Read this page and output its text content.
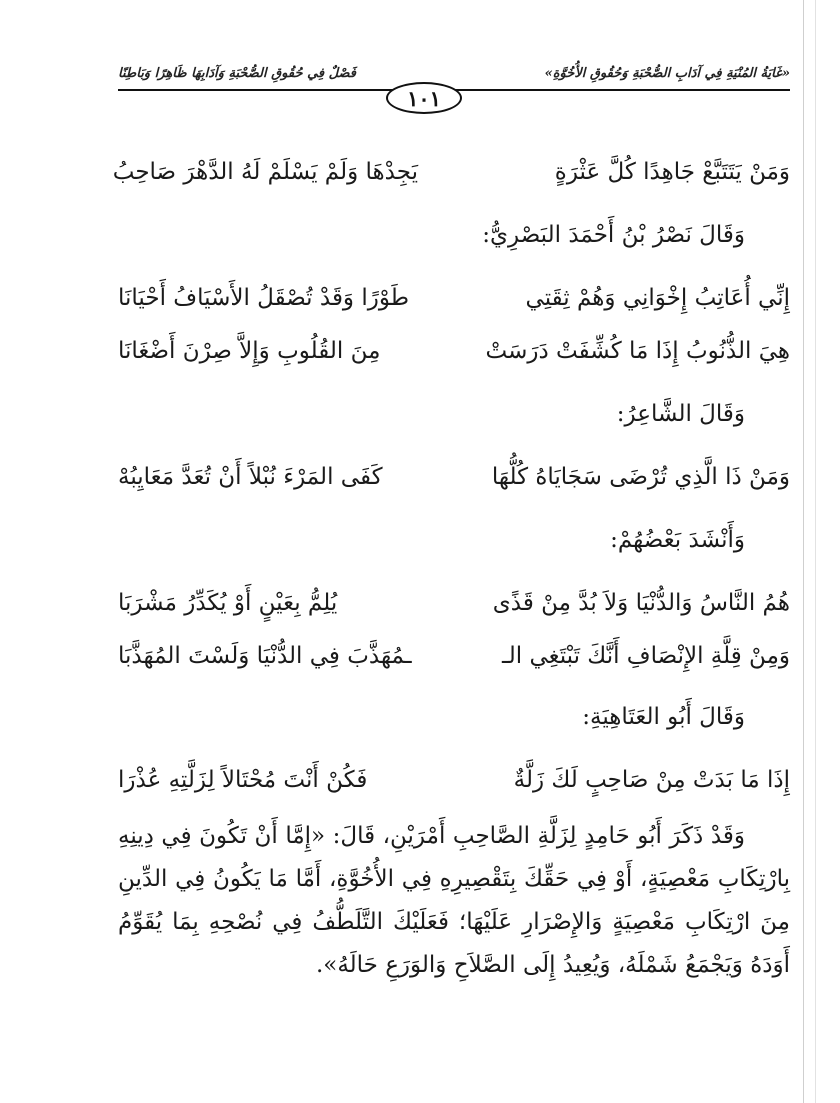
«غَايَةُ المُنْيَةِ فِي آدَابِ الصُّحْبَةِ وَحُقُوقِ الأُخُوَّةِ»
فَصْلٌ فِي حُقُوقِ الصُّحْبَةِ وَآدَابِهَا ظَاهِرًا وَبَاطِنًا
١٠١
وَمَنْ يَتَتَبَّعْ جَاهِدًا كُلَّ عَثْرَةٍ
يَجِدْهَا وَلَمْ يَسْلَمْ لَهُ الدَّهْرَ صَاحِبُ
وَقَالَ نَصْرُ بْنُ أَحْمَدَ البَصْرِيُّ:
إِنِّي أُعَاتِبُ إِخْوَانِي وَهُمْ ثِقَتِي
طَوْرًا وَقَدْ تُصْقَلُ الأَسْيَافُ أَحْيَانَا
هِيَ الذُّنُوبُ إِذَا مَا كُشِّفَتْ دَرَسَتْ
مِنَ القُلُوبِ وَإِلاَّ صِرْنَ أَضْغَانَا
وَقَالَ الشَّاعِرُ:
وَمَنْ ذَا الَّذِي تُرْضَى سَجَايَاهُ كُلُّهَا
كَفَى المَرْءَ نُبْلاً أَنْ تُعَدَّ مَعَايِبُهْ
وَأَنْشَدَ بَعْضُهُمْ:
هُمُ النَّاسُ وَالدُّنْيَا وَلاَ بُدَّ مِنْ قَذًى
يُلِمُّ بِعَيْنٍ أَوْ يُكَدِّرُ مَشْرَبَا
وَمِنْ قِلَّةِ الإِنْصَافِ أَنَّكَ تَبْتَغِي الـ
ـمُهَذَّبَ فِي الدُّنْيَا وَلَسْتَ المُهَذَّبَا
وَقَالَ أَبُو العَتَاهِيَةِ:
إِذَا مَا بَدَتْ مِنْ صَاحِبٍ لَكَ زَلَّةٌ
فَكُنْ أَنْتَ مُحْتَالاً لِزَلَّتِهِ عُذْرَا

وَقَدْ ذَكَرَ أَبُو حَامِدٍ لِزَلَّةِ الصَّاحِبِ أَمْرَيْنِ، قَالَ: «إِمَّا أَنْ تَكُونَ فِي دِينِهِ بِارْتِكَابِ مَعْصِيَةٍ، أَوْ فِي حَقِّكَ بِتَقْصِيرِهِ فِي الأُخُوَّةِ، أَمَّا مَا يَكُونُ فِي الدِّينِ مِنَ ارْتِكَابِ مَعْصِيَةٍ وَالإِصْرَارِ عَلَيْهَا؛ فَعَلَيْكَ التَّلَطُّفُ فِي نُصْحِهِ بِمَا يُقَوِّمُ أَوَدَهُ وَيَجْمَعُ شَمْلَهُ، وَيُعِيدُ إِلَى الصَّلاَحِ وَالوَرَعِ حَالَهُ».
